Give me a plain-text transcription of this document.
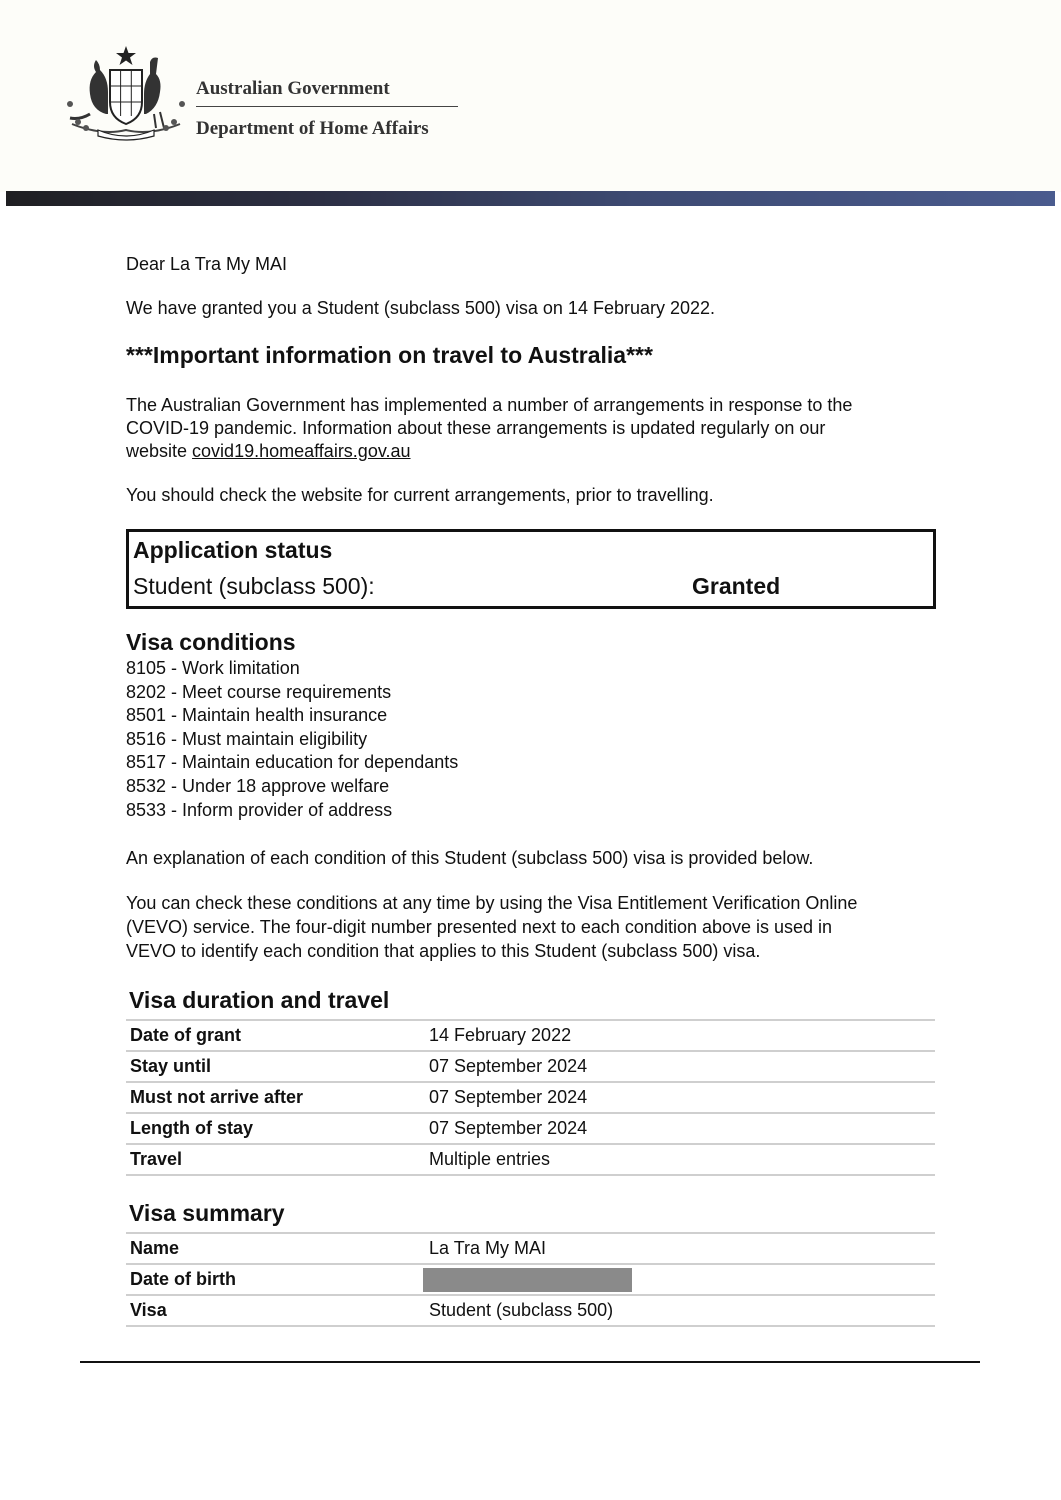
Australian Government
Department of Home Affairs

Dear La Tra My MAI

We have granted you a Student (subclass 500) visa on 14 February 2022.

***Important information on travel to Australia***

The Australian Government has implemented a number of arrangements in response to the

COVID-19 pandemic. Information about these arrangements is updated regularly on our

website covid19.homeaffairs.gov.au

You should check the website for current arrangements, prior to travelling.

Application status
Student (subclass 500):	Granted
Visa conditions
8105 - Work limitation
8202 - Meet course requirements
8501 - Maintain health insurance
8516 - Must maintain eligibility
8517 - Maintain education for dependants
8532 - Under 18 approve welfare
8533 - Inform provider of address

An explanation of each condition of this Student (subclass 500) visa is provided below.

You can check these conditions at any time by using the Visa Entitlement Verification Online

(VEVO) service. The four-digit number presented next to each condition above is used in

VEVO to identify each condition that applies to this Student (subclass 500) visa.

Visa duration and travel
Date of grant	14 February 2022
Stay until	07 September 2024
Must not arrive after	07 September 2024
Length of stay	07 September 2024
Travel	Multiple entries
Visa summary
Name	La Tra My MAI
Date of birth	
Visa	Student (subclass 500)
